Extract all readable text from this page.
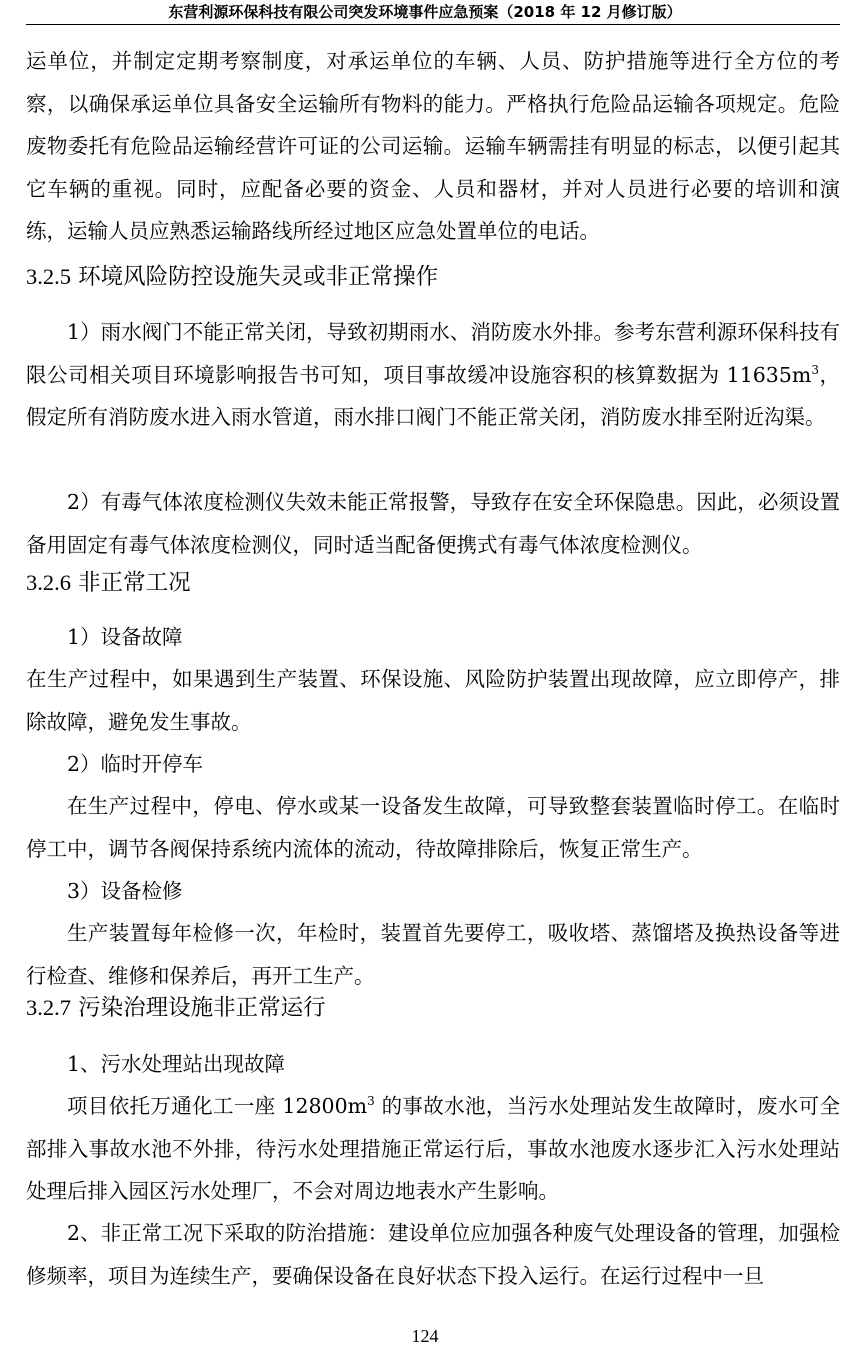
东营利源环保科技有限公司突发环境事件应急预案（2018 年 12 月修订版）

运单位，并制定定期考察制度，对承运单位的车辆、人员、防护措施等进行全方位的考察，以确保承运单位具备安全运输所有物料的能力。严格执行危险品运输各项规定。危险废物委托有危险品运输经营许可证的公司运输。运输车辆需挂有明显的标志，以便引起其它车辆的重视。同时，应配备必要的资金、人员和器材，并对人员进行必要的培训和演练，运输人员应熟悉运输路线所经过地区应急处置单位的电话。

3.2.5 环境风险防控设施失灵或非正常操作

1）雨水阀门不能正常关闭，导致初期雨水、消防废水外排。参考东营利源环保科技有限公司相关项目环境影响报告书可知，项目事故缓冲设施容积的核算数据为 $11635m^3$，假定所有消防废水进入雨水管道，雨水排口阀门不能正常关闭，消防废水排至附近沟渠。

2）有毒气体浓度检测仪失效未能正常报警，导致存在安全环保隐患。因此，必须设置备用固定有毒气体浓度检测仪，同时适当配备便携式有毒气体浓度检测仪。

3.2.6 非正常工况

1）设备故障

在生产过程中，如果遇到生产装置、环保设施、风险防护装置出现故障，应立即停产，排除故障，避免发生事故。

2）临时开停车

在生产过程中，停电、停水或某一设备发生故障，可导致整套装置临时停工。在临时停工中，调节各阀保持系统内流体的流动，待故障排除后，恢复正常生产。

3）设备检修

生产装置每年检修一次，年检时，装置首先要停工，吸收塔、蒸馏塔及换热设备等进行检查、维修和保养后，再开工生产。

3.2.7 污染治理设施非正常运行

1、污水处理站出现故障

项目依托万通化工一座 $12800m^3$ 的事故水池，当污水处理站发生故障时，废水可全部排入事故水池不外排，待污水处理措施正常运行后，事故水池废水逐步汇入污水处理站处理后排入园区污水处理厂，不会对周边地表水产生影响。

2、非正常工况下采取的防治措施：建设单位应加强各种废气处理设备的管理，加强检修频率，项目为连续生产，要确保设备在良好状态下投入运行。在运行过程中一旦

124
